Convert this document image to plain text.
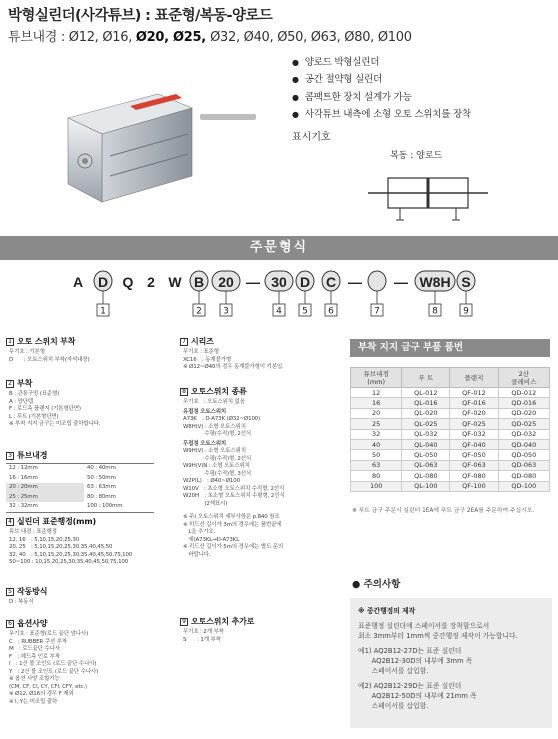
박형실린더(사각튜브) : 표준형/복동-양로드
튜브내경 : Ø12, Ø16, Ø20, Ø25, Ø32, Ø40, Ø50, Ø63, Ø80, Ø100
● 양로드 박형실린더
● 공간 절약형 실린더
● 콤팩트한 장치 설계가 가능
● 사각튜브 내측에 소형 오토 스위치를 장착
표시기호
복동 : 양로드
주문형식
A D
1
Q 2 W B
2
20
3
— 30
4
D
5
C
6
—
7
— W8H
8
S
9
1 오토 스위치 부착
무기호 : 기본형
D　　: 오토스위치 부착(자석내장)
2 부착
B : 관통구멍 (표준형)
A : 양단탭
F : 로드측 플랜지 (기본형단면)
L : 푸트 (기본형단면)
※ 부착 지지 금구는 미조립 출하합니다.
3 튜브내경
12 : 12mm	40 : 40mm
16 : 16mm	50 : 50mm
20 : 20mm	63 : 63mm
25 : 25mm	80 : 80mm
32 : 32mm	100 : 100mm
4 실린더 표준행정(mm)
튜브 내경 : 표준행정
12, 16　: 5,10,15,20,25,30
20, 25　: 5,10,15,20,25,30,35,40,45,50
32, 40　: 5,10,15,20,25,30,35,40,45,50,75,100
50~100 : 10,15,20,25,30,35,40,45,50,75,100
5 작동방식
D : 복동식
6 옵션사양
무기호 : 표준형(로드 끝단 암나사)
C　: RUBBER 쿠션 부착
M　: 로드끝단 수나사
F　: 헤드측 인로 부착
I　: 1산 볼 조인트 (로드 끝단 수나사)
Y　: 2산 볼 조인트 (로드 끝단 수나사)
※ 옵션 사양 조합기능
(CM, CF, CI, CY, CFI, CFY, etc.)
※ Ø12, Ø16의 경우 F 제외
※ I, Y는 미조립 출하
7 시리즈
무기호 : 표준형
XC16　: 동계블가형
※ Ø12~Ø40의 경우 동계블가형이 기본입.
8 오토스위치 종류
무기호　: 오토스위치 없음
유접점 오토스위치
A73K　: D-A73K (Ø32~Ø100)
W8H(V) : 소형 오토스위치
　　　　수평(수직)형, 2선식
무접점 오토스위치
W9H(V) : 소형 오토스위치
　　　　수평(수직)형, 2선식
W9H(V)N : 소형 오토스위치
　　　　수평(수직)형, 3선식
W2P(L)　: Ø40~Ø100
W10V　: 초소형 오토스위치 수직형, 2선식
W20H　: 초소형 오토스위치 수평형, 2선식
　　　　(2색표시)
※ 주) 오토스위치 세부사항은 p.840 참조
※ 리드선 길이가 3m의 경우에는 품번끝에
　L을 추가요.
　예)A73KL→D-A73KL
※ 리드선 길이가 5m의 경우에는 별도 문의
　바랍니다.
9 오토스위치 추가로
무기호 : 2개 부착
S　　: 1개 부착
부착 지지 금구 부품 품번
튜브내경
(mm)	푸 트	플랜지	2산
클레비스
12	QL-012	QF-012	QD-012
16	QL-016	QF-016	QD-016
20	QL-020	QF-020	QD-020
25	QL-025	QF-025	QD-025
32	QL-032	QF-032	QD-032
40	QL-040	QF-040	QD-040
50	QL-050	QF-050	QD-050
63	QL-063	QF-063	QD-063
80	QL-080	QF-080	QD-080
100	QL-100	QF-100	QD-100
※ 푸트 금구 주문시 실린더 1EA에 푸트 금구 2EA를 주문하여 주십시오.
● 주의사항
※ 중간행정의 제작
표준행정 실린더에 스페이서를 장착함으로서
최소 3mm부터 1mm씩 중간행정 제작이 가능합니다.

예1) AQ2B12-27D는 표준 실린더
　　AQ2B12-30D의 내부에 3mm 폭
　　스페이서를 삽입함.

예2) AQ2B12-29D는 표준 실린더
　　AQ2B12-50D의 내부에 21mm 폭
　　스페이서를 삽입함.
